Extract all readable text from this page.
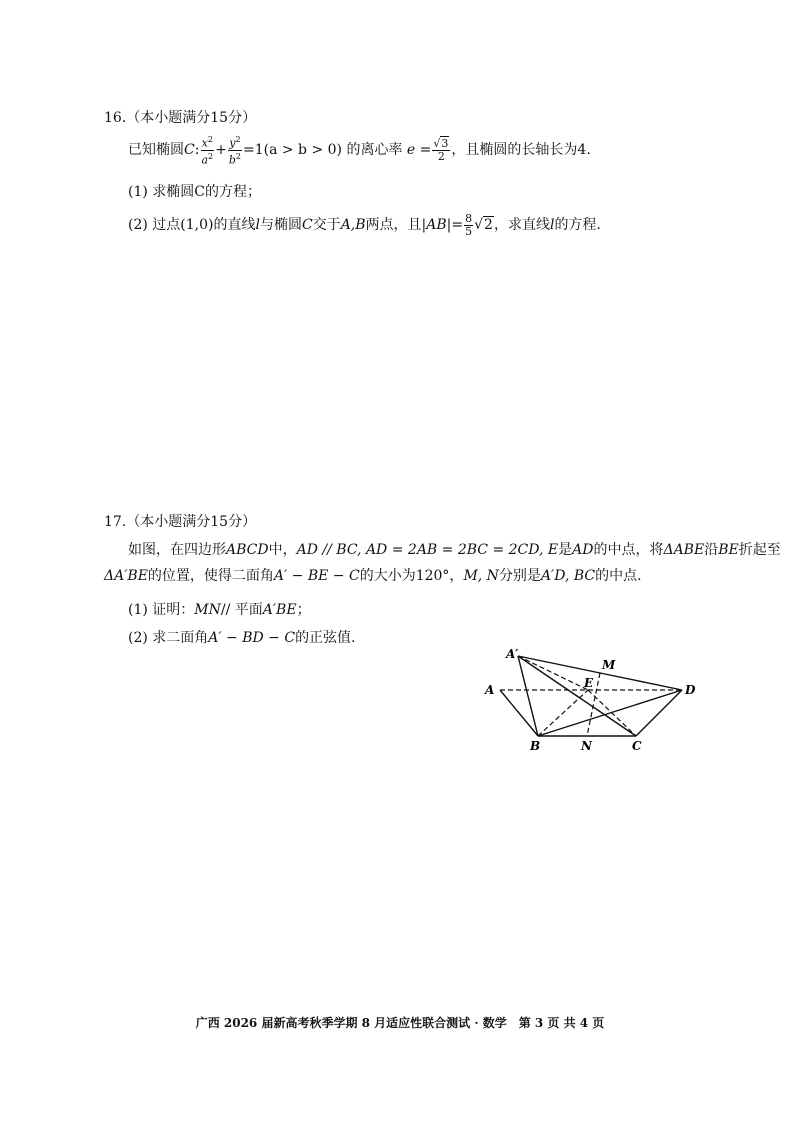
16.（本小题满分15分）
已知椭圆C: $\frac{x^2}{a^2} + \frac{y^2}{b^2} =1(a > b > 0)$ 的离心率 $e = \frac{√3}{2}$ ，且椭圆的长轴长为4.
(1) 求椭圆C的方程；
(2) 过点(1,0)的直线l与椭圆C交于A,B两点，且$|AB|= \frac{8}{5} √2$，求直线l的方程.
17.（本小题满分15分）
如图，在四边形ABCD中，AD // BC, AD = 2AB = 2BC = 2CD, E是AD的中点，将ΔABE沿BE折起至
ΔA′BE的位置，使得二面角A′ − BE − C的大小为120°，M, N分别是A′D, BC的中点.
(1) 证明：MN// 平面A′BE；
(2) 求二面角A′ − BD − C的正弦值.
A′
M
E
A	D
B	N	C
广西 2026 届新高考秋季学期 8 月适应性联合测试 · 数学　第 3 页 共 4 页
